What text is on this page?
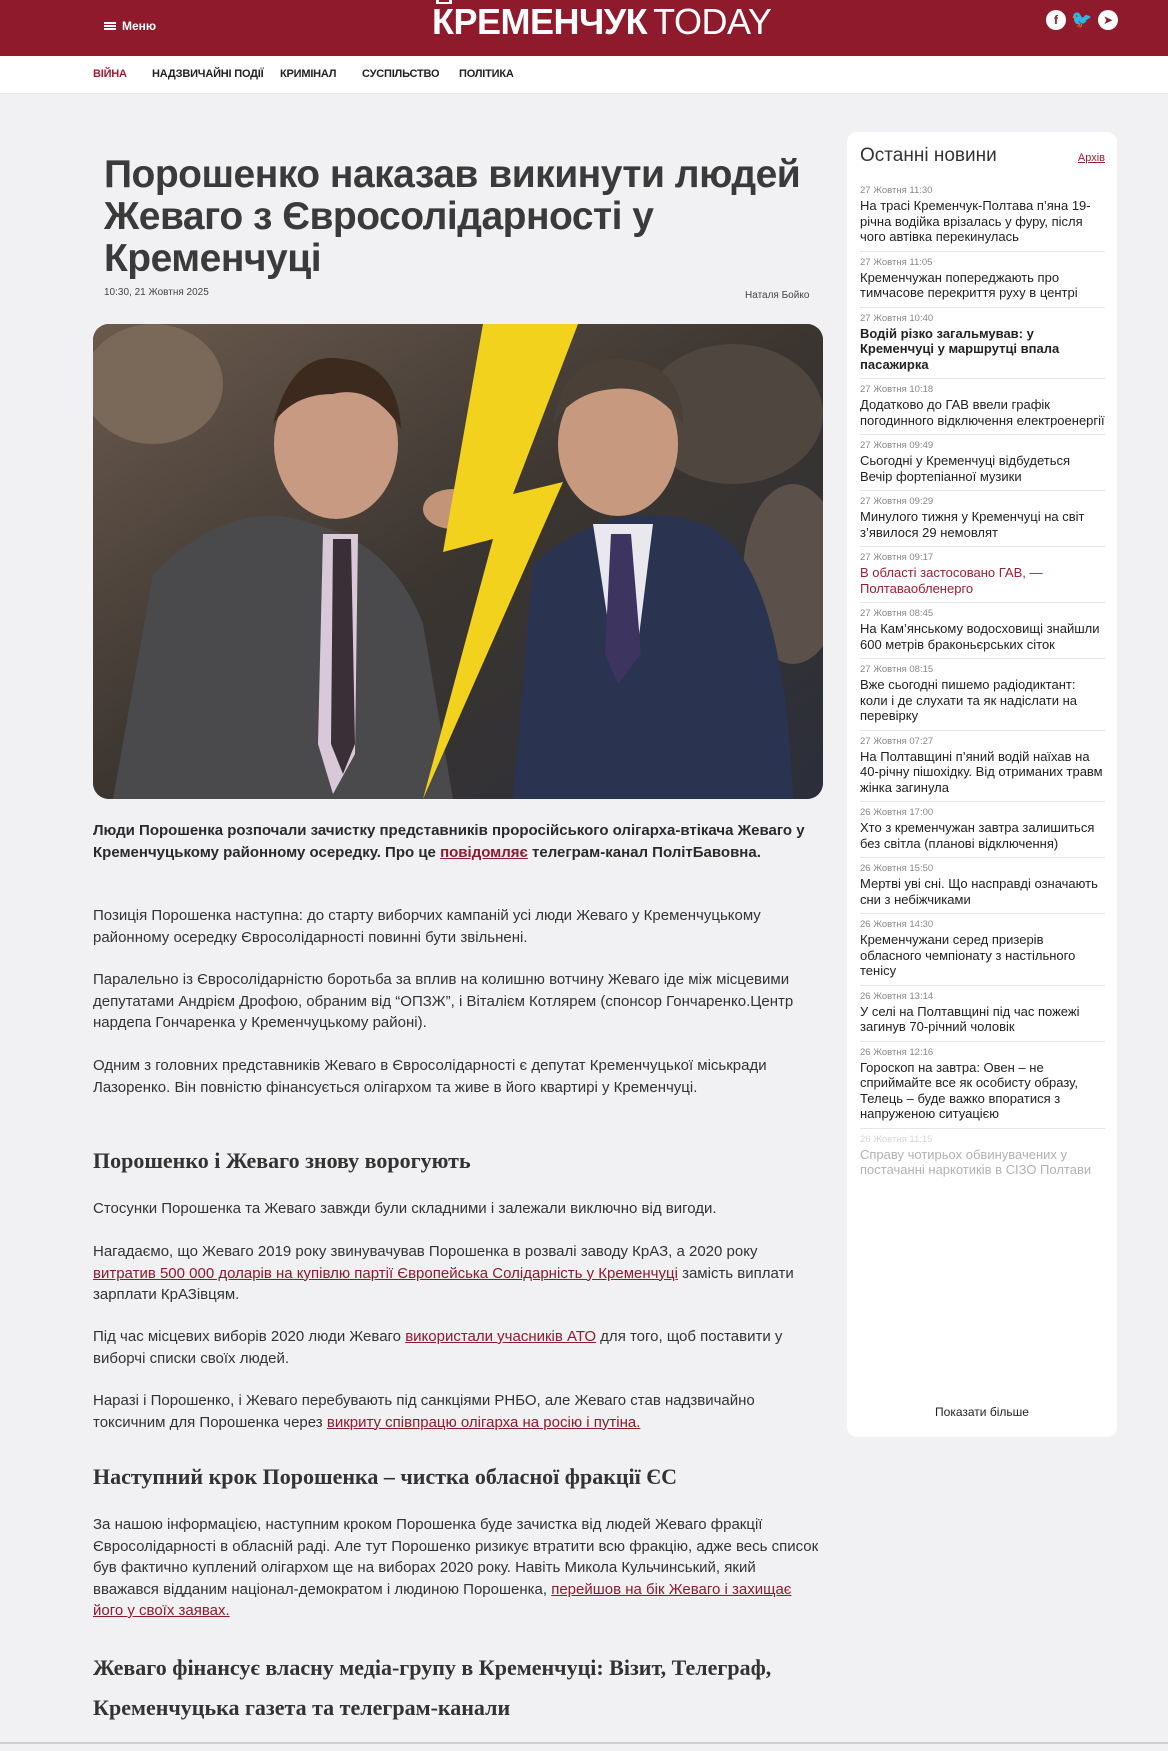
Меню	КРЕМЕНЧУК TODAY	f 🐦 ➤
ВІЙНА НАДЗВИЧАЙНІ ПОДІЇ КРИМІНАЛ СУСПІЛЬСТВО ПОЛІТИКА
Порошенко наказав викинути людей Жеваго з Євросолідарності у Кременчуці
10:30, 21 Жовтня 2025	Наталя Бойко
Люди Порошенка розпочали зачистку представників проросійського олігарха-втікача Жеваго у Кременчуцькому районному осередку. Про це повідомляє телеграм-канал ПолітБавовна.

Позиція Порошенка наступна: до старту виборчих кампаній усі люди Жеваго у Кременчуцькому районному осередку Євросолідарності повинні бути звільнені.

Паралельно із Євросолідарністю боротьба за вплив на колишню вотчину Жеваго іде між місцевими депутатами Андрієм Дрофою, обраним від “ОПЗЖ”, і Віталієм Котлярем (спонсор Гончаренко.Центр нардепа Гончаренка у Кременчуцькому районі).

Одним з головних представників Жеваго в Євросолідарності є депутат Кременчуцької міськради Лазоренко. Він повністю фінансується олігархом та живе в його квартирі у Кременчуці.

Порошенко і Жеваго знову ворогують

Стосунки Порошенка та Жеваго завжди були складними і залежали виключно від вигоди.

Нагадаємо, що Жеваго 2019 року звинувачував Порошенка в розвалі заводу КрАЗ, а 2020 року витратив 500 000 доларів на купівлю партії Європейська Солідарність у Кременчуці замість виплати зарплати КрАЗівцям.

Під час місцевих виборів 2020 люди Жеваго використали учасників АТО для того, щоб поставити у виборчі списки своїх людей.

Наразі і Порошенко, і Жеваго перебувають під санкціями РНБО, але Жеваго став надзвичайно токсичним для Порошенка через викриту співпрацю олігарха на росію і путіна.

Наступний крок Порошенка – чистка обласної фракції ЄС

За нашою інформацією, наступним кроком Порошенка буде зачистка від людей Жеваго фракції Євросолідарності в обласній раді. Але тут Порошенко ризикує втратити всю фракцію, адже весь список був фактично куплений олігархом ще на виборах 2020 року. Навіть Микола Кульчинський, який вважався відданим націонал-демократом і людиною Порошенка, перейшов на бік Жеваго і захищає його у своїх заявах.

Жеваго фінансує власну медіа-групу в Кременчуці: Візит, Телеграф, Кременчуцька газета та телеграм-канали
Останні новини	Архів
27 Жовтня 11:30
На трасі Кременчук-Полтава п’яна 19-річна водійка врізалась у фуру, після чого автівка перекинулась
27 Жовтня 11:05
Кременчужан попереджають про тимчасове перекриття руху в центрі
27 Жовтня 10:40
Водій різко загальмував: у Кременчуці у маршрутці впала пасажирка
27 Жовтня 10:18
Додатково до ГАВ ввели графік погодинного відключення електроенергії
27 Жовтня 09:49
Сьогодні у Кременчуці відбудеться Вечір фортепіанної музики
27 Жовтня 09:29
Минулого тижня у Кременчуці на світ з’явилося 29 немовлят
27 Жовтня 09:17
В області застосовано ГАВ, — Полтаваобленерго
27 Жовтня 08:45
На Кам’янському водосховищі знайшли 600 метрів браконьєрських сіток
27 Жовтня 08:15
Вже сьогодні пишемо радіодиктант: коли і де слухати та як надіслати на перевірку
27 Жовтня 07:27
На Полтавщині п’яний водій наїхав на 40-річну пішохідку. Від отриманих травм жінка загинула
26 Жовтня 17:00
Хто з кременчужан завтра залишиться без світла (планові відключення)
26 Жовтня 15:50
Мертві уві сні. Що насправді означають сни з небіжчиками
26 Жовтня 14:30
Кременчужани серед призерів обласного чемпіонату з настільного тенісу
26 Жовтня 13:14
У селі на Полтавщині під час пожежі загинув 70-річний чоловік
26 Жовтня 12:16
Гороскоп на завтра: Овен – не сприймайте все як особисту образу, Телець – буде важко впоратися з напруженою ситуацією
26 Жовтня 11:15
Справу чотирьох обвинувачених у постачанні наркотиків в СІЗО Полтави
Показати більше
